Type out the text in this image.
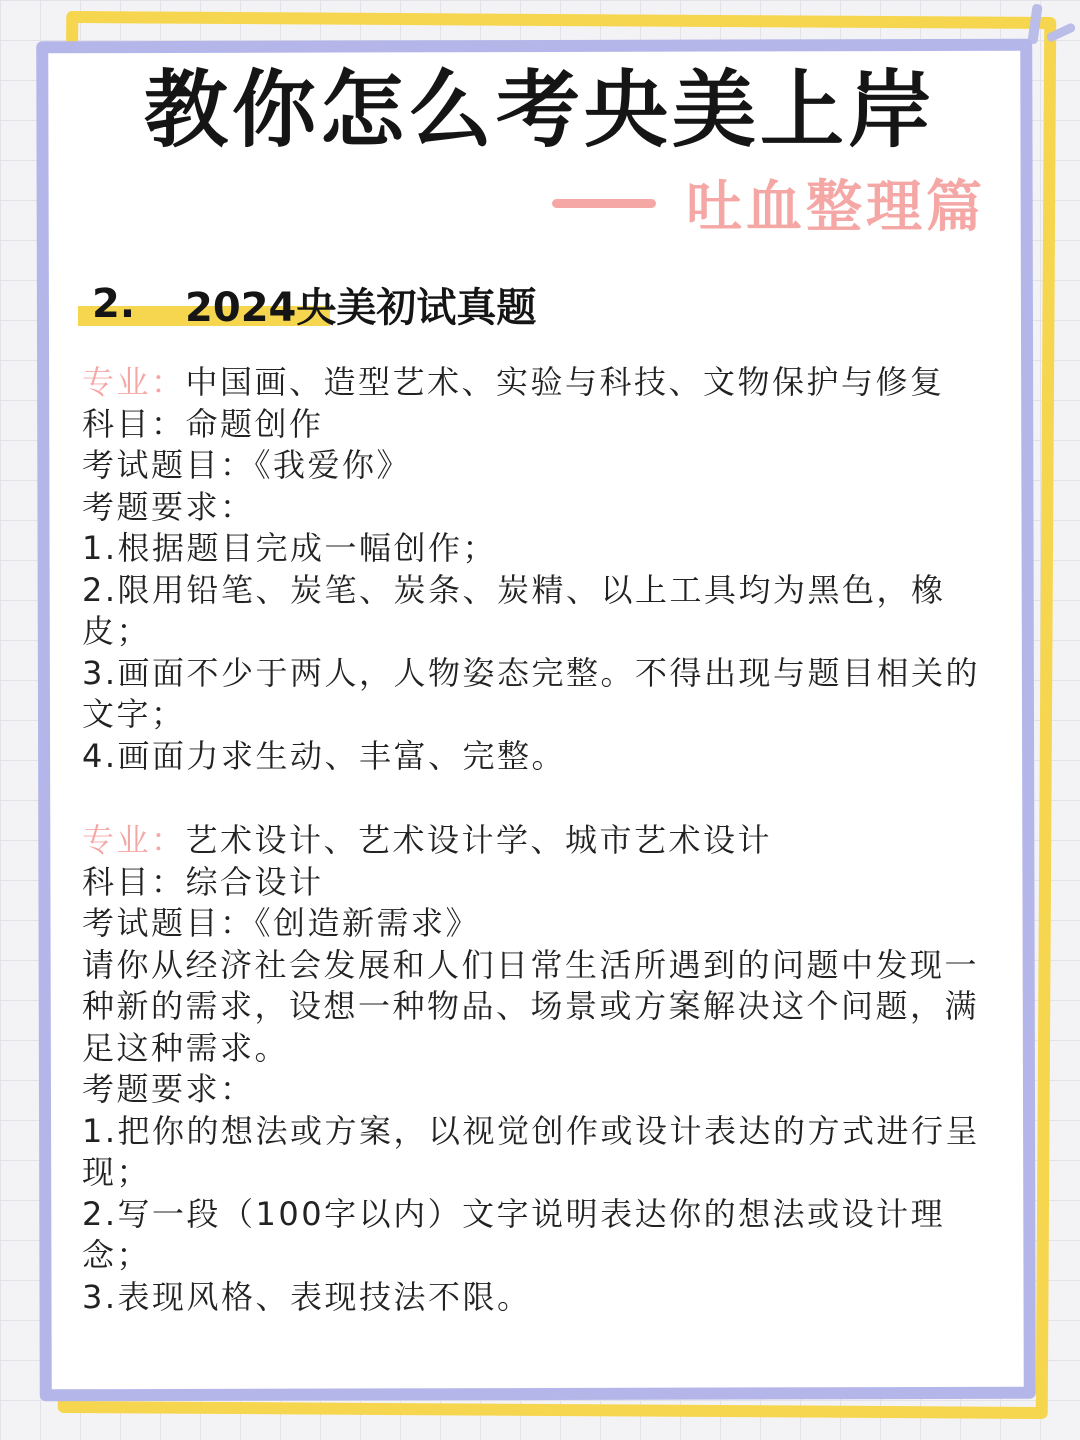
教你怎么考央美上岸
吐血整理篇
2. 2024央美初试真题

专业：中国画、造型艺术、实验与科技、文物保护与修复

科目：命题创作

考试题目：《我爱你》

考题要求：

1.根据题目完成一幅创作；

2.限用铅笔、炭笔、炭条、炭精、以上工具均为黑色，橡皮；

3.画面不少于两人，人物姿态完整。不得出现与题目相关的文字；

4.画面力求生动、丰富、完整。

专业：艺术设计、艺术设计学、城市艺术设计

科目：综合设计

考试题目：《创造新需求》

请你从经济社会发展和人们日常生活所遇到的问题中发现一种新的需求，设想一种物品、场景或方案解决这个问题，满足这种需求。

考题要求：

1.把你的想法或方案，以视觉创作或设计表达的方式进行呈现；

2.写一段（100字以内）文字说明表达你的想法或设计理念；

3.表现风格、表现技法不限。
